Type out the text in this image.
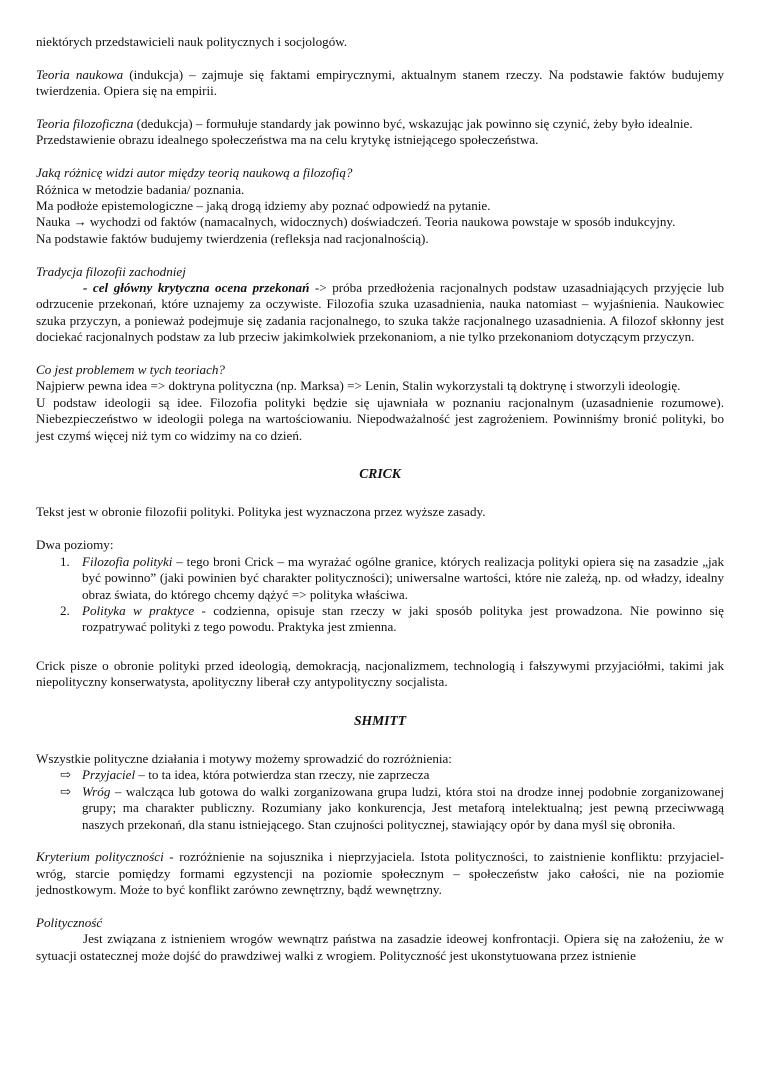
niektórych przedstawicieli nauk politycznych i socjologów.

Teoria naukowa (indukcja) – zajmuje się faktami empirycznymi, aktualnym stanem rzeczy. Na podstawie faktów budujemy twierdzenia. Opiera się na empirii.

Teoria filozoficzna (dedukcja) – formułuje standardy jak powinno być, wskazując jak powinno się czynić, żeby było idealnie.

Przedstawienie obrazu idealnego społeczeństwa ma na celu krytykę istniejącego społeczeństwa.

Jaką różnicę widzi autor między teorią naukową a filozofią?

Różnica w metodzie badania/ poznania.

Ma podłoże epistemologiczne – jaką drogą idziemy aby poznać odpowiedź na pytanie.

Nauka → wychodzi od faktów (namacalnych, widocznych) doświadczeń. Teoria naukowa powstaje w sposób indukcyjny.

Na podstawie faktów budujemy twierdzenia (refleksja nad racjonalnością).

Tradycja filozofii zachodniej

- cel główny krytyczna ocena przekonań -> próba przedłożenia racjonalnych podstaw uzasadniających przyjęcie lub odrzucenie przekonań, które uznajemy za oczywiste. Filozofia szuka uzasadnienia, nauka natomiast – wyjaśnienia. Naukowiec szuka przyczyn, a ponieważ podejmuje się zadania racjonalnego, to szuka także racjonalnego uzasadnienia. A filozof skłonny jest dociekać racjonalnych podstaw za lub przeciw jakimkolwiek przekonaniom, a nie tylko przekonaniom dotyczącym przyczyn.

Co jest problemem w tych teoriach?

Najpierw pewna idea => doktryna polityczna (np. Marksa) => Lenin, Stalin wykorzystali tą doktrynę i stworzyli ideologię.

U podstaw ideologii są idee. Filozofia polityki będzie się ujawniała w poznaniu racjonalnym (uzasadnienie rozumowe). Niebezpieczeństwo w ideologii polega na wartościowaniu. Niepodważalność jest zagrożeniem. Powinniśmy bronić polityki, bo jest czymś więcej niż tym co widzimy na co dzień.

CRICK

Tekst jest w obronie filozofii polityki. Polityka jest wyznaczona przez wyższe zasady.

Dwa poziomy:

1. Filozofia polityki – tego broni Crick – ma wyrażać ogólne granice, których realizacja polityki opiera się na zasadzie „jak być powinno” (jaki powinien być charakter polityczności); uniwersalne wartości, które nie zależą, np. od władzy, idealny obraz świata, do którego chcemy dążyć => polityka właściwa.
2. Polityka w praktyce - codzienna, opisuje stan rzeczy w jaki sposób polityka jest prowadzona. Nie powinno się rozpatrywać polityki z tego powodu. Praktyka jest zmienna.

Crick pisze o obronie polityki przed ideologią, demokracją, nacjonalizmem, technologią i fałszywymi przyjaciółmi, takimi jak niepolityczny konserwatysta, apolityczny liberał czy antypolityczny socjalista.

SHMITT

Wszystkie polityczne działania i motywy możemy sprowadzić do rozróżnienia:

⇨ Przyjaciel – to ta idea, która potwierdza stan rzeczy, nie zaprzecza
⇨ Wróg – walcząca lub gotowa do walki zorganizowana grupa ludzi, która stoi na drodze innej podobnie zorganizowanej grupy; ma charakter publiczny. Rozumiany jako konkurencja, Jest metaforą intelektualną; jest pewną przeciwwagą naszych przekonań, dla stanu istniejącego. Stan czujności politycznej, stawiający opór by dana myśl się obroniła.

Kryterium polityczności - rozróżnienie na sojusznika i nieprzyjaciela. Istota polityczności, to zaistnienie konfliktu: przyjaciel-wróg, starcie pomiędzy formami egzystencji na poziomie społecznym – społeczeństw jako całości, nie na poziomie jednostkowym. Może to być konflikt zarówno zewnętrzny, bądź wewnętrzny.

Polityczność

Jest związana z istnieniem wrogów wewnątrz państwa na zasadzie ideowej konfrontacji. Opiera się na założeniu, że w sytuacji ostatecznej może dojść do prawdziwej walki z wrogiem. Polityczność jest ukonstytuowana przez istnienie
